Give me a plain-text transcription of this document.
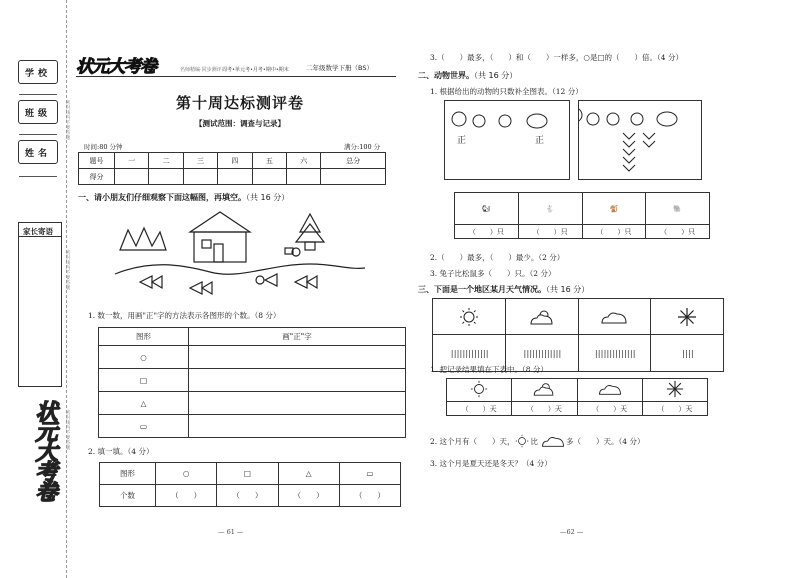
学校
班级
姓名
家长寄语
密封线内不要答题
密封线内不要答题
密封线内不要答题
状元大考卷
状元大考卷	名师精编·同步测评 周考•单元考•月考•期中•期末	二年级数学下册（BS）
第十周达标测评卷
【测试范围：调查与记录】
时间:80 分钟	满分:100 分
题号	一	二	三	四	五	六	总分
得分							
一、请小朋友们仔细观察下面这幅图，再填空。（共 16 分）
1. 数一数，用画"正"字的方法表示各图形的个数。（8 分）
图形	画"正"字
○	
□	
△	
▭	
2. 填一填。（4 分）
图形	○	□	△	▭
个数	（　　）	（　　）	（　　）	（　　）
— 61 —
3.（　　）最多，（　　）和（　　）一样多，○是□的（　　）倍。（4 分）
二、动物世界。（共 16 分）
1. 根据给出的动物的只数补全图表。（12 分）
正	正
🐿	🐇	🐒	🐘
（　　）只	（　　）只	（　　）只	（　　）只
2.（　　）最多，（　　）最少。（2 分）
3. 兔子比松鼠多（　　）只。（2 分）
三、下面是一个地区某月天气情况。（共 16 分）
|||||||||||||	|||||||||||||	||||||||||||||	||||
1. 把记录结果填在下表中。（8 分）

（　　）天	（　　）天	（　　）天	（　　）天
2. 这个月有（　　）天， 比	多（　　）天。（4 分）
3. 这个月是夏天还是冬天？（4 分）
—62 —
